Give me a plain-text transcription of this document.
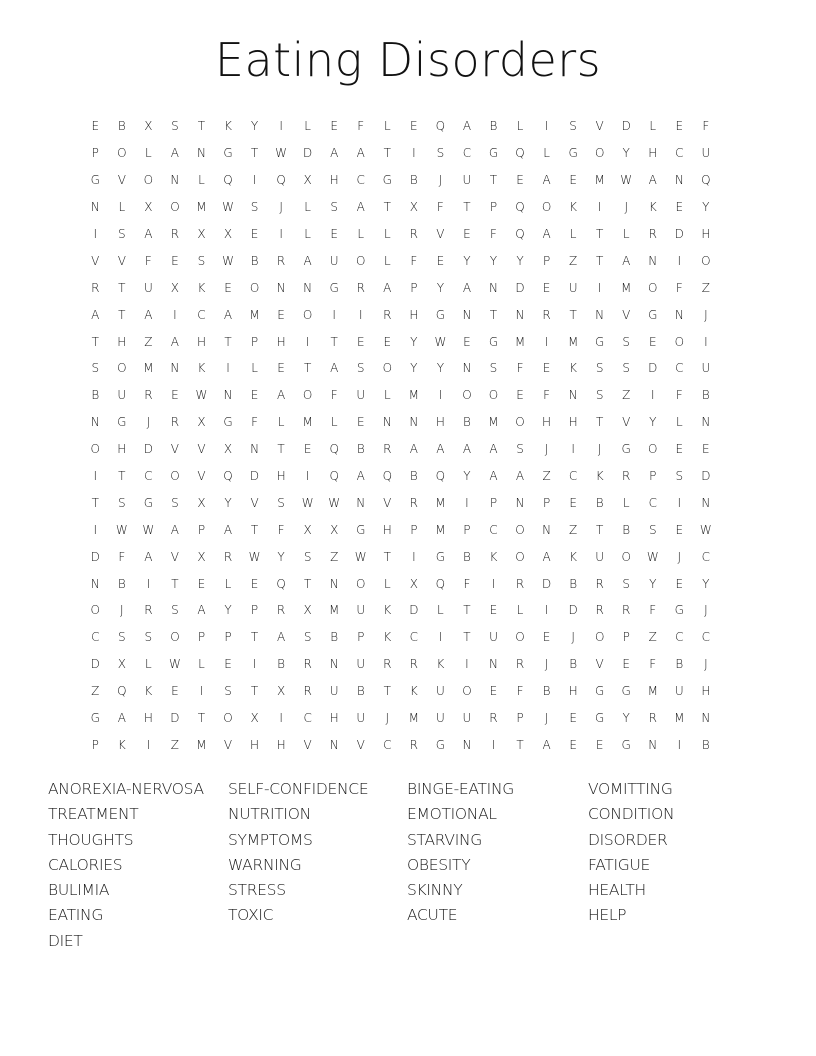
Eating Disorders
E	B	X	S	T	K	Y	I	L	E	F	L	E	Q	A	B	L	I	S	V	D	L	E	F
P	O	L	A	N	G	T	W	D	A	A	T	I	S	C	G	Q	L	G	O	Y	H	C	U
G	V	O	N	L	Q	I	Q	X	H	C	G	B	J	U	T	E	A	E	M	W	A	N	Q
N	L	X	O	M	W	S	J	L	S	A	T	X	F	T	P	Q	O	K	I	J	K	E	Y
I	S	A	R	X	X	E	I	L	E	L	L	R	V	E	F	Q	A	L	T	L	R	D	H
V	V	F	E	S	W	B	R	A	U	O	L	F	E	Y	Y	Y	P	Z	T	A	N	I	O
R	T	U	X	K	E	O	N	N	G	R	A	P	Y	A	N	D	E	U	I	M	O	F	Z
A	T	A	I	C	A	M	E	O	I	I	R	H	G	N	T	N	R	T	N	V	G	N	J
T	H	Z	A	H	T	P	H	I	T	E	E	Y	W	E	G	M	I	M	G	S	E	O	I
S	O	M	N	K	I	L	E	T	A	S	O	Y	Y	N	S	F	E	K	S	S	D	C	U
B	U	R	E	W	N	E	A	O	F	U	L	M	I	O	O	E	F	N	S	Z	I	F	B
N	G	J	R	X	G	F	L	M	L	E	N	N	H	B	M	O	H	H	T	V	Y	L	N
O	H	D	V	V	X	N	T	E	Q	B	R	A	A	A	A	S	J	I	J	G	O	E	E
I	T	C	O	V	Q	D	H	I	Q	A	Q	B	Q	Y	A	A	Z	C	K	R	P	S	D
T	S	G	S	X	Y	V	S	W	W	N	V	R	M	I	P	N	P	E	B	L	C	I	N
I	W	W	A	P	A	T	F	X	X	G	H	P	M	P	C	O	N	Z	T	B	S	E	W
D	F	A	V	X	R	W	Y	S	Z	W	T	I	G	B	K	O	A	K	U	O	W	J	C
N	B	I	T	E	L	E	Q	T	N	O	L	X	Q	F	I	R	D	B	R	S	Y	E	Y
O	J	R	S	A	Y	P	R	X	M	U	K	D	L	T	E	L	I	D	R	R	F	G	J
C	S	S	O	P	P	T	A	S	B	P	K	C	I	T	U	O	E	J	O	P	Z	C	C
D	X	L	W	L	E	I	B	R	N	U	R	R	K	I	N	R	J	B	V	E	F	B	J
Z	Q	K	E	I	S	T	X	R	U	B	T	K	U	O	E	F	B	H	G	G	M	U	H
G	A	H	D	T	O	X	I	C	H	U	J	M	U	U	R	P	J	E	G	Y	R	M	N
P	K	I	Z	M	V	H	H	V	N	V	C	R	G	N	I	T	A	E	E	G	N	I	B
ANOREXIA-NERVOSA SELF-CONFIDENCE BINGE-EATING	VOMITTING
TREATMENT	NUTRITION	EMOTIONAL	CONDITION
THOUGHTS	SYMPTOMS	STARVING	DISORDER
CALORIES	WARNING	OBESITY	FATIGUE
BULIMIA	STRESS	SKINNY	HEALTH
EATING	TOXIC	ACUTE	HELP
DIET
